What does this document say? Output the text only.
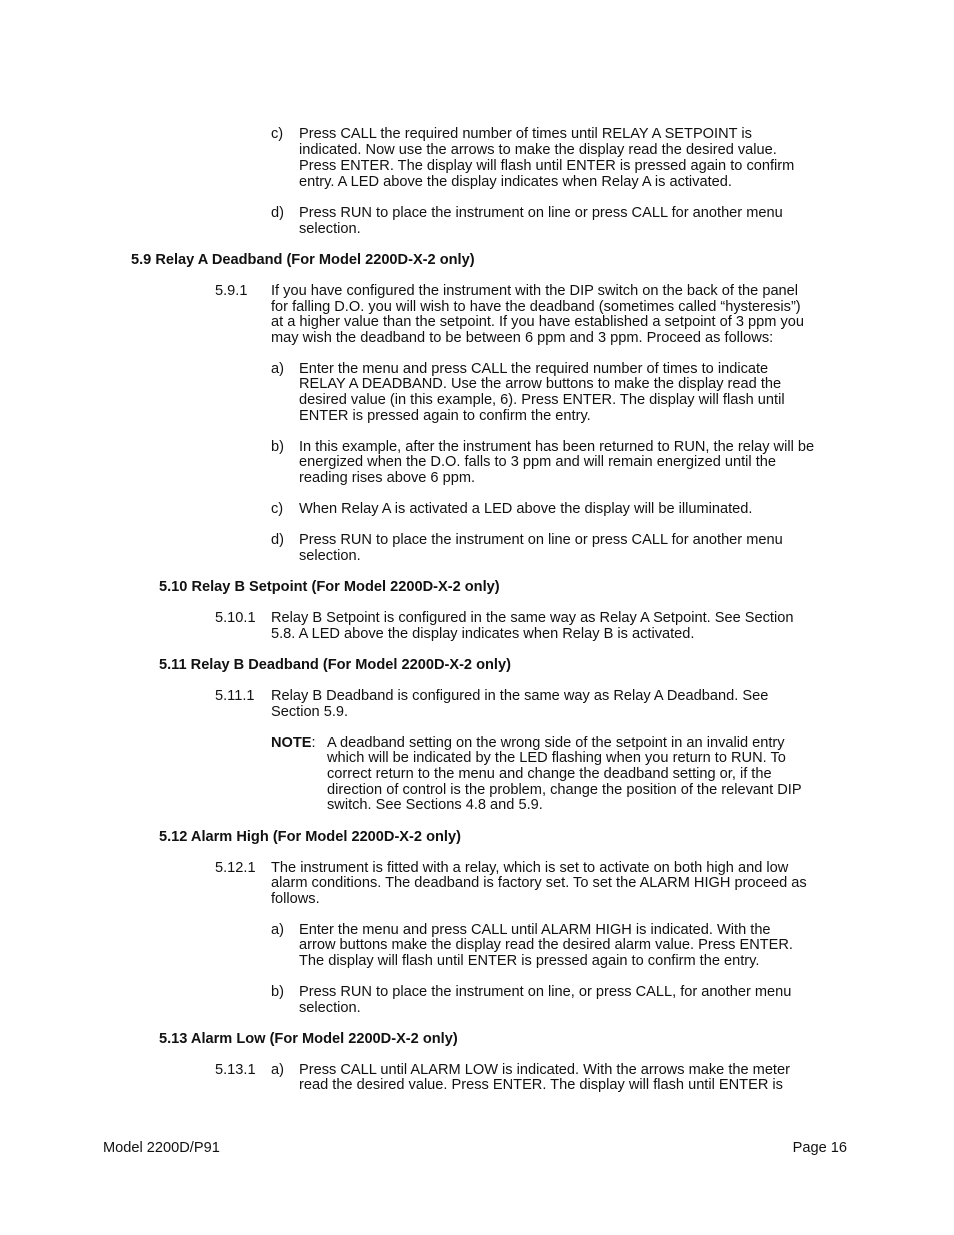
c) Press CALL the required number of times until RELAY A SETPOINT is
indicated. Now use the arrows to make the display read the desired value.
Press ENTER. The display will flash until ENTER is pressed again to confirm
entry. A LED above the display indicates when Relay A is activated.
d) Press RUN to place the instrument on line or press CALL for another menu
selection.
5.9 Relay A Deadband (For Model 2200D-X-2 only)
5.9.1 If you have configured the instrument with the DIP switch on the back of the panel
for falling D.O. you will wish to have the deadband (sometimes called “hysteresis”)
at a higher value than the setpoint. If you have established a setpoint of 3 ppm you
may wish the deadband to be between 6 ppm and 3 ppm. Proceed as follows:
a) Enter the menu and press CALL the required number of times to indicate
RELAY A DEADBAND. Use the arrow buttons to make the display read the
desired value (in this example, 6). Press ENTER. The display will flash until
ENTER is pressed again to confirm the entry.
b) In this example, after the instrument has been returned to RUN, the relay will be
energized when the D.O. falls to 3 ppm and will remain energized until the
reading rises above 6 ppm.
c) When Relay A is activated a LED above the display will be illuminated.
d) Press RUN to place the instrument on line or press CALL for another menu
selection.
5.10 Relay B Setpoint (For Model 2200D-X-2 only)
5.10.1 Relay B Setpoint is configured in the same way as Relay A Setpoint. See Section
5.8. A LED above the display indicates when Relay B is activated.
5.11 Relay B Deadband (For Model 2200D-X-2 only)
5.11.1 Relay B Deadband is configured in the same way as Relay A Deadband. See
Section 5.9.
NOTE: A deadband setting on the wrong side of the setpoint in an invalid entry
which will be indicated by the LED flashing when you return to RUN. To
correct return to the menu and change the deadband setting or, if the
direction of control is the problem, change the position of the relevant DIP
switch. See Sections 4.8 and 5.9.
5.12 Alarm High (For Model 2200D-X-2 only)
5.12.1 The instrument is fitted with a relay, which is set to activate on both high and low
alarm conditions. The deadband is factory set. To set the ALARM HIGH proceed as
follows.
a) Enter the menu and press CALL until ALARM HIGH is indicated. With the
arrow buttons make the display read the desired alarm value. Press ENTER.
The display will flash until ENTER is pressed again to confirm the entry.
b) Press RUN to place the instrument on line, or press CALL, for another menu
selection.
5.13 Alarm Low (For Model 2200D-X-2 only)
5.13.1 a) Press CALL until ALARM LOW is indicated. With the arrows make the meter
read the desired value. Press ENTER. The display will flash until ENTER is
Model 2200D/P91	Page 16
